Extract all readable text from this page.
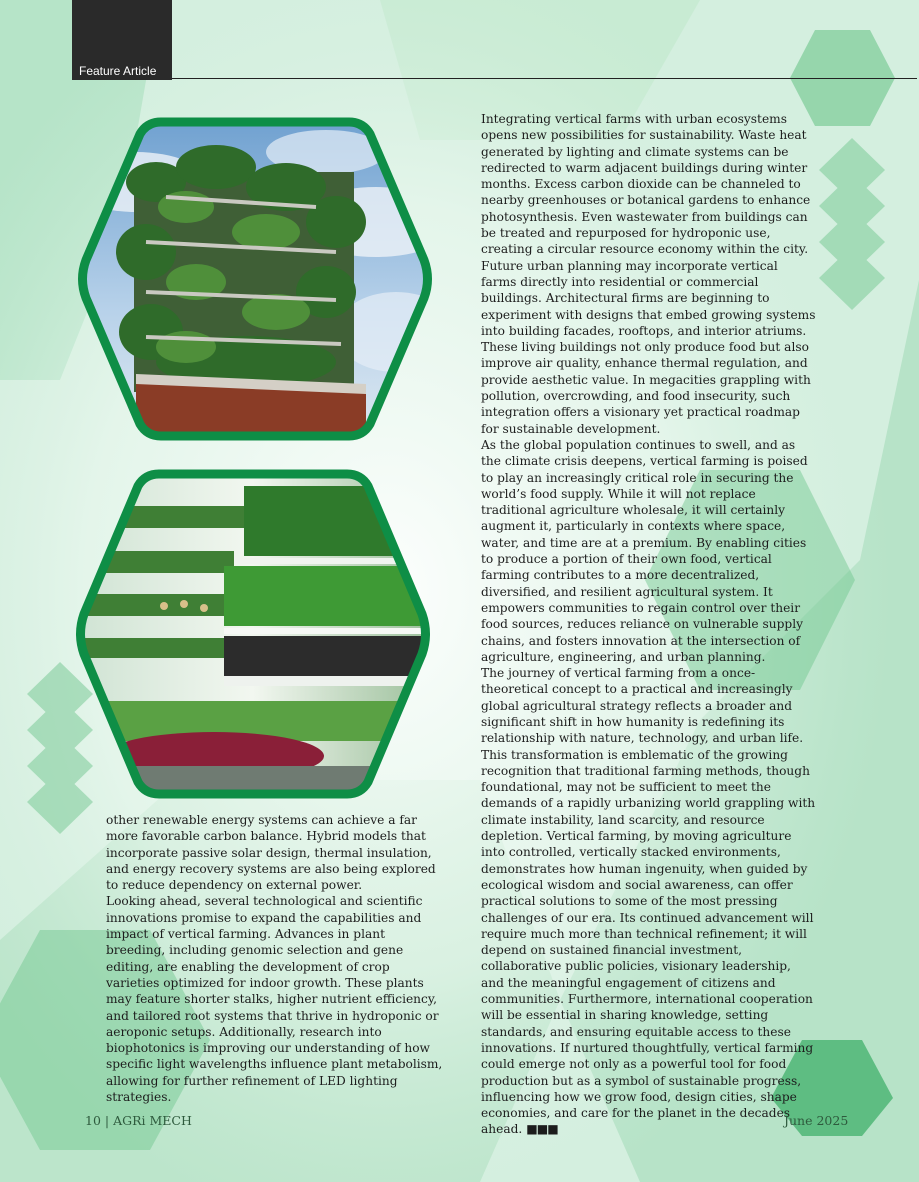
Feature Article

other renewable energy systems can achieve a far more favorable carbon balance. Hybrid models that incorporate passive solar design, thermal insulation, and energy recovery systems are also being explored to reduce dependency on external power.

Looking ahead, several technological and scientific innovations promise to expand the capabilities and impact of vertical farming. Advances in plant breeding, including genomic selection and gene editing, are enabling the development of crop varieties optimized for indoor growth. These plants may feature shorter stalks, higher nutrient efficiency, and tailored root systems that thrive in hydroponic or aeroponic setups. Additionally, research into biophotonics is improving our understanding of how specific light wavelengths influence plant metabolism, allowing for further refinement of LED lighting strategies.

Integrating vertical farms with urban ecosystems opens new possibilities for sustainability. Waste heat generated by lighting and climate systems can be redirected to warm adjacent buildings during winter months. Excess carbon dioxide can be channeled to nearby greenhouses or botanical gardens to enhance photosynthesis. Even wastewater from buildings can be treated and repurposed for hydroponic use, creating a circular resource economy within the city.

Future urban planning may incorporate vertical farms directly into residential or commercial buildings. Architectural firms are beginning to experiment with designs that embed growing systems into building facades, rooftops, and interior atriums. These living buildings not only produce food but also improve air quality, enhance thermal regulation, and provide aesthetic value. In megacities grappling with pollution, overcrowding, and food insecurity, such integration offers a visionary yet practical roadmap for sustainable development.

As the global population continues to swell, and as the climate crisis deepens, vertical farming is poised to play an increasingly critical role in securing the world’s food supply. While it will not replace traditional agriculture wholesale, it will certainly augment it, particularly in contexts where space, water, and time are at a premium. By enabling cities to produce a portion of their own food, vertical farming contributes to a more decentralized, diversified, and resilient agricultural system. It empowers communities to regain control over their food sources, reduces reliance on vulnerable supply chains, and fosters innovation at the intersection of agriculture, engineering, and urban planning.

The journey of vertical farming from a once-theoretical concept to a practical and increasingly global agricultural strategy reflects a broader and significant shift in how humanity is redefining its relationship with nature, technology, and urban life. This transformation is emblematic of the growing recognition that traditional farming methods, though foundational, may not be sufficient to meet the demands of a rapidly urbanizing world grappling with climate instability, land scarcity, and resource depletion. Vertical farming, by moving agriculture into controlled, vertically stacked environments, demonstrates how human ingenuity, when guided by ecological wisdom and social awareness, can offer practical solutions to some of the most pressing challenges of our era. Its continued advancement will require much more than technical refinement; it will depend on sustained financial investment, collaborative public policies, visionary leadership, and the meaningful engagement of citizens and communities. Furthermore, international cooperation will be essential in sharing knowledge, setting standards, and ensuring equitable access to these innovations. If nurtured thoughtfully, vertical farming could emerge not only as a powerful tool for food production but as a symbol of sustainable progress, influencing how we grow food, design cities, shape economies, and care for the planet in the decades ahead. ■■■

10 | AGRi MECH	June 2025
